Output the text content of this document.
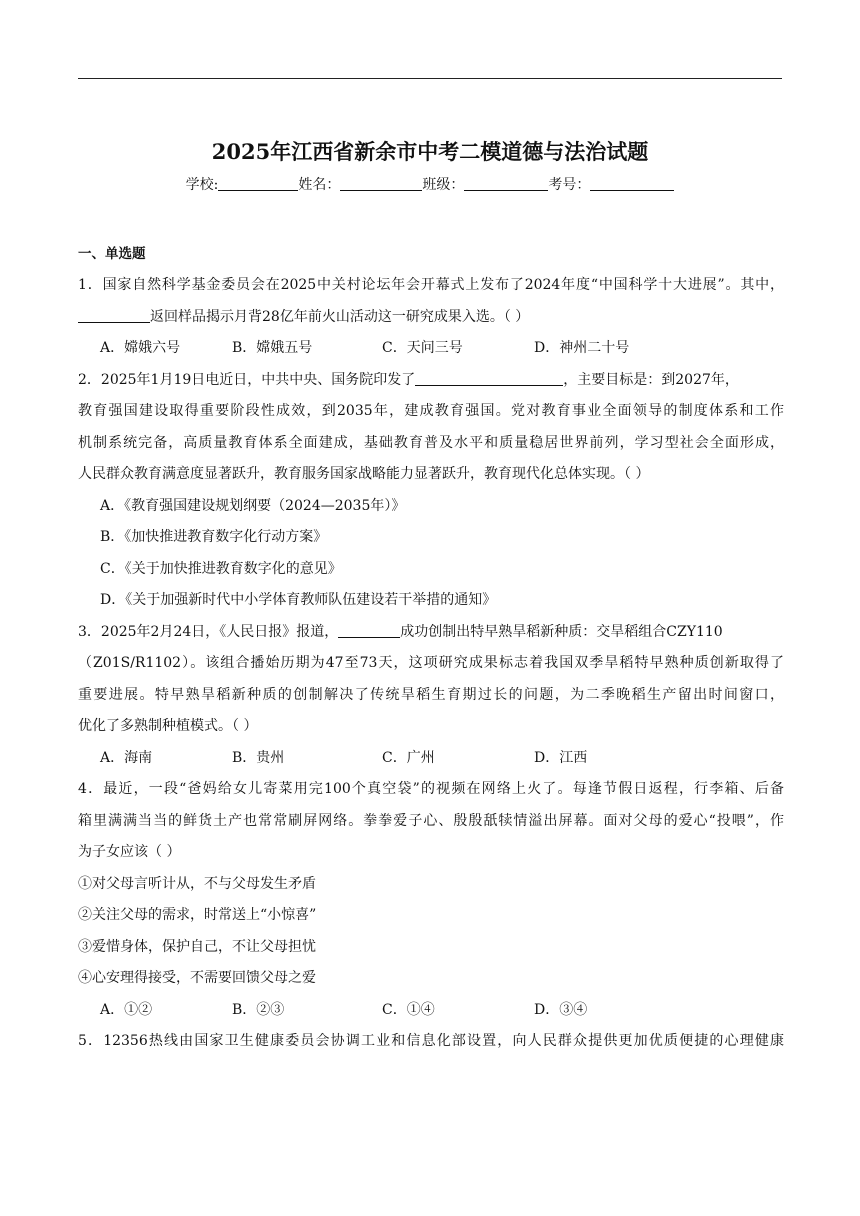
2025年江西省新余市中考二模道德与法治试题
学校:	姓名：	班级：	考号：
一、单选题
1．国家自然科学基金委员会在2025中关村论坛年会开幕式上发布了2024年度“中国科学十大进展”。其中，
返回样品揭示月背28亿年前火山活动这一研究成果入选。（ ）
A．嫦娥六号	B．嫦娥五号	C．天问三号	D．神州二十号
2．2025年1月19日电近日，中共中央、国务院印发了	，主要目标是：到2027年，
教育强国建设取得重要阶段性成效，到2035年，建成教育强国。党对教育事业全面领导的制度体系和工作
机制系统完备，高质量教育体系全面建成，基础教育普及水平和质量稳居世界前列，学习型社会全面形成，
人民群众教育满意度显著跃升，教育服务国家战略能力显著跃升，教育现代化总体实现。（ ）
A．《教育强国建设规划纲要（2024—2035年）》
B．《加快推进教育数字化行动方案》
C．《关于加快推进教育数字化的意见》
D．《关于加强新时代中小学体育教师队伍建设若干举措的通知》
3．2025年2月24日，《人民日报》报道，	成功创制出特早熟旱稻新种质：交旱稻组合CZY110
（Z01S/R1102）。该组合播始历期为47至73天，这项研究成果标志着我国双季旱稻特早熟种质创新取得了
重要进展。特早熟旱稻新种质的创制解决了传统旱稻生育期过长的问题，为二季晚稻生产留出时间窗口，
优化了多熟制种植模式。（ ）
A．海南	B．贵州	C．广州	D．江西
4．最近，一段“爸妈给女儿寄菜用完100个真空袋”的视频在网络上火了。每逢节假日返程，行李箱、后备
箱里满满当当的鲜货土产也常常刷屏网络。拳拳爱子心、殷殷舐犊情溢出屏幕。面对父母的爱心“投喂”，作
为子女应该（ ）
①对父母言听计从，不与父母发生矛盾
②关注父母的需求，时常送上“小惊喜”
③爱惜身体，保护自己，不让父母担忧
④心安理得接受，不需要回馈父母之爱
A．①②	B．②③	C．①④	D．③④
5．12356热线由国家卫生健康委员会协调工业和信息化部设置，向人民群众提供更加优质便捷的心理健康
